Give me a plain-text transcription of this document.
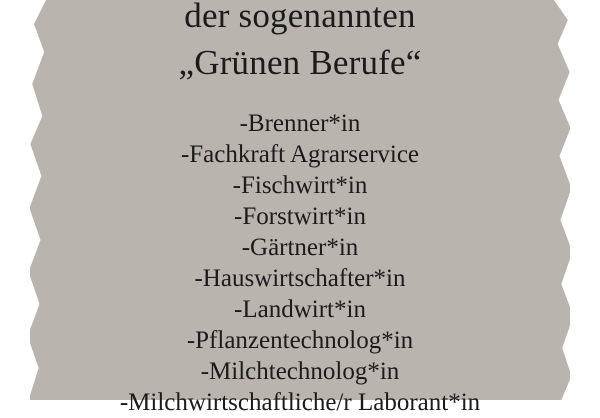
der sogenannten
„Grünen Berufe“
-Brenner*in
-Fachkraft Agrarservice
-Fischwirt*in
-Forstwirt*in
-Gärtner*in
-Hauswirtschafter*in
-Landwirt*in
-Pflanzentechnolog*in
-Milchtechnolog*in
-Milchwirtschaftliche/r Laborant*in
